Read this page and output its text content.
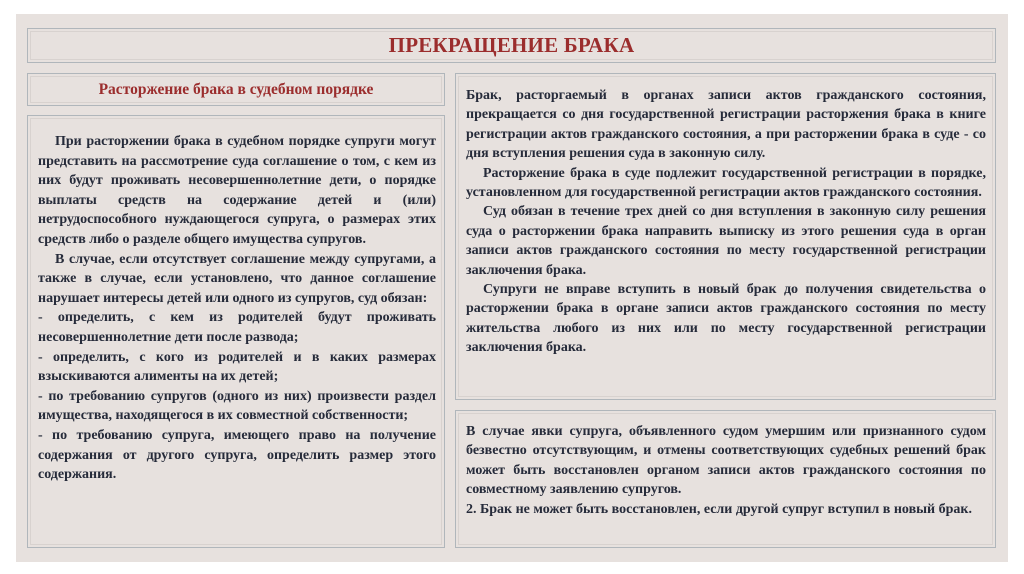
ПРЕКРАЩЕНИЕ БРАКА
Расторжение брака в судебном порядке

При расторжении брака в судебном порядке супруги могут представить на рассмотрение суда соглашение о том, с кем из них будут проживать несовершеннолетние дети, о порядке выплаты средств на содержание детей и (или) нетрудоспособного нуждающегося супруга, о размерах этих средств либо о разделе общего имущества супругов.

В случае, если отсутствует соглашение между супругами, а также в случае, если установлено, что данное соглашение нарушает интересы детей или одного из супругов, суд обязан:

- определить, с кем из родителей будут проживать несовершеннолетние дети после развода;

- определить, с кого из родителей и в каких размерах взыскиваются алименты на их детей;

- по требованию супругов (одного из них) произвести раздел имущества, находящегося в их совместной собственности;

- по требованию супруга, имеющего право на получение содержания от другого супруга, определить размер этого содержания.

Брак, расторгаемый в органах записи актов гражданского состояния, прекращается со дня государственной регистрации расторжения брака в книге регистрации актов гражданского состояния, а при расторжении брака в суде - со дня вступления решения суда в законную силу.

Расторжение брака в суде подлежит государственной регистрации в порядке, установленном для государственной регистрации актов гражданского состояния.

Суд обязан в течение трех дней со дня вступления в законную силу решения суда о расторжении брака направить выписку из этого решения суда в орган записи актов гражданского состояния по месту государственной регистрации заключения брака.

Супруги не вправе вступить в новый брак до получения свидетельства о расторжении брака в органе записи актов гражданского состояния по месту жительства любого из них или по месту государственной регистрации заключения брака.

В случае явки супруга, объявленного судом умершим или признанного судом безвестно отсутствующим, и отмены соответствующих судебных решений брак может быть восстановлен органом записи актов гражданского состояния по совместному заявлению супругов.

2. Брак не может быть восстановлен, если другой супруг вступил в новый брак.
